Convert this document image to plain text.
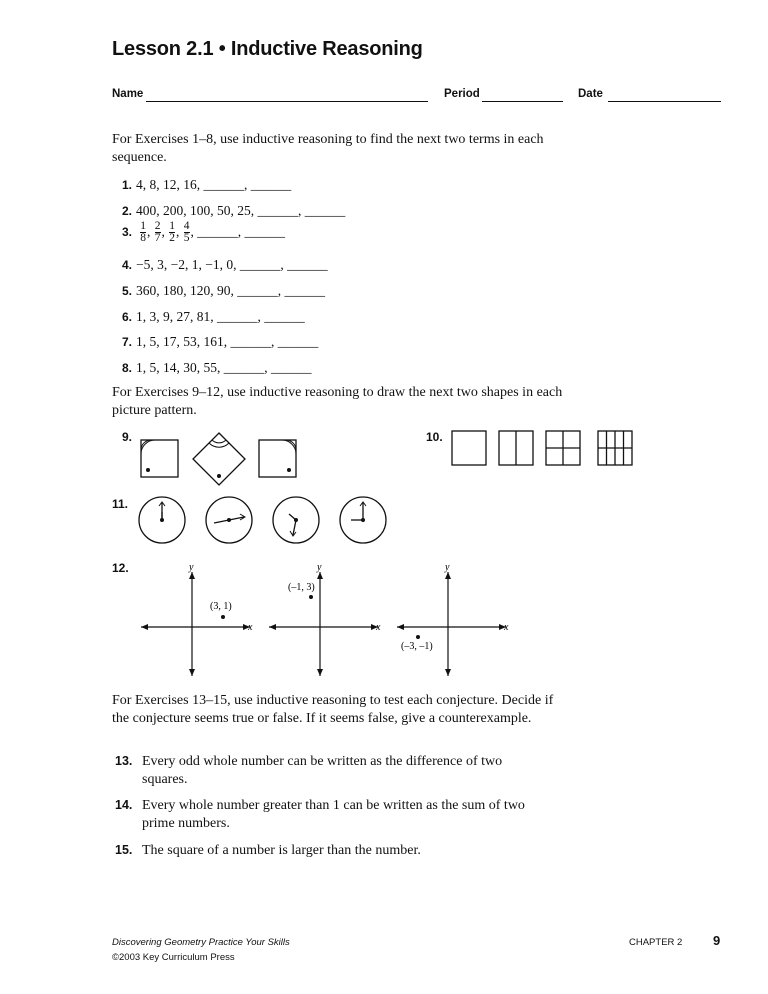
Lesson 2.1 • Inductive Reasoning
Name	Period	Date
For Exercises 1–8, use inductive reasoning to find the next two terms in each sequence.
1. 4, 8, 12, 16, ______, ______
2. 400, 200, 100, 50, 25, ______, ______
3. $\frac{1}{8}$ , $\frac{2}{7}$ , $\frac{1}{2}$ , $\frac{4}{5}$ , ______, ______
4. −5, 3, −2, 1, −1, 0, ______, ______
5. 360, 180, 120, 90, ______, ______
6. 1, 3, 9, 27, 81, ______, ______
7. 1, 5, 17, 53, 161, ______, ______
8. 1, 5, 14, 30, 55, ______, ______
For Exercises 9–12, use inductive reasoning to draw the next two shapes in each picture pattern.
9.	10.
11.
12.	y
x
(3, 1)
y
x
(–1, 3)
y
x
(–3, –1)
For Exercises 13–15, use inductive reasoning to test each conjecture. Decide if the conjecture seems true or false. If it seems false, give a counterexample.
13. Every odd whole number can be written as the difference of two squares.
14. Every whole number greater than 1 can be written as the sum of two prime numbers.
15. The square of a number is larger than the number.
Discovering Geometry Practice Your Skills
©2003 Key Curriculum Press
CHAPTER 2 9
